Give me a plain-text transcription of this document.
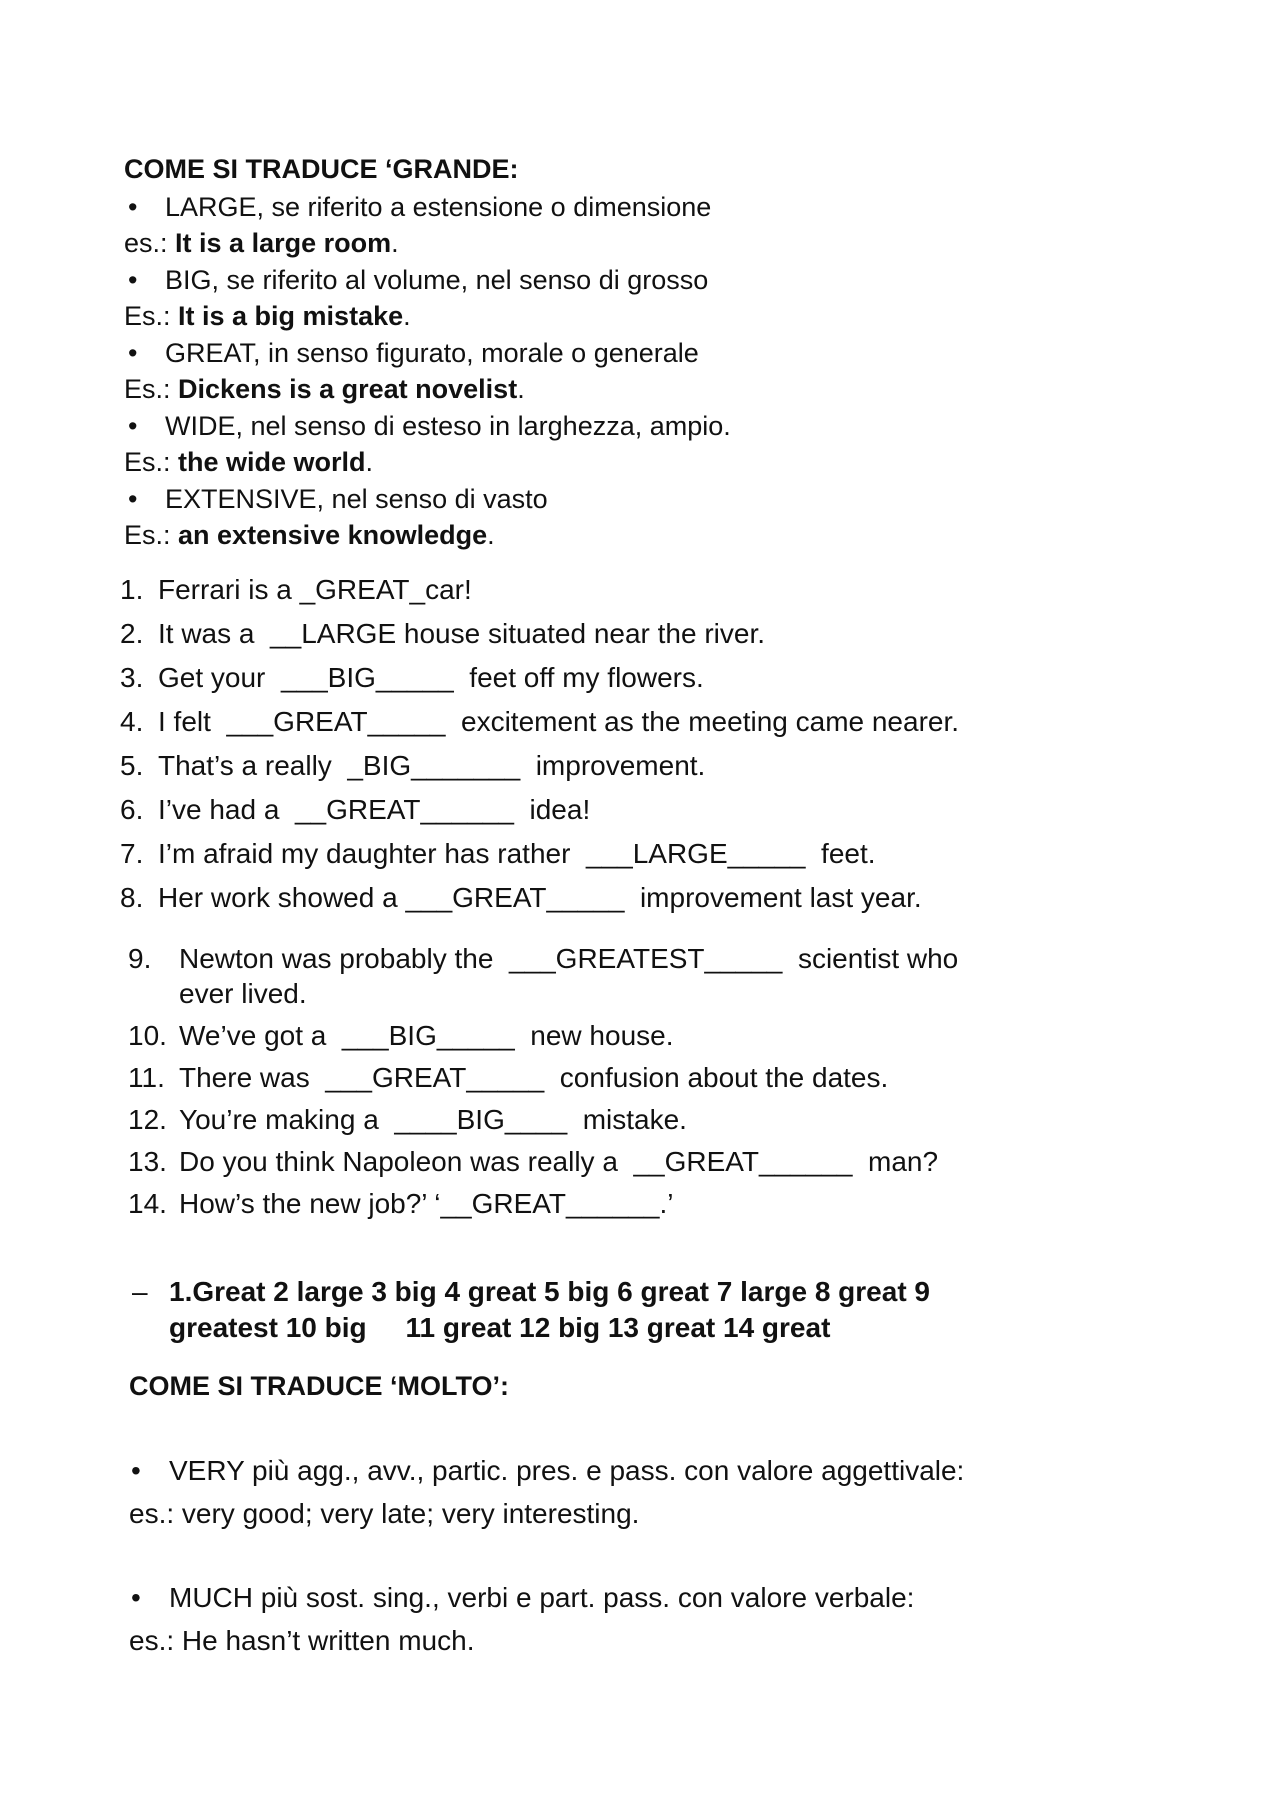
COME SI TRADUCE ‘GRANDE:
• LARGE, se riferito a estensione o dimensione
es.: It is a large room.
• BIG, se riferito al volume, nel senso di grosso
Es.: It is a big mistake.
• GREAT, in senso figurato, morale o generale
Es.: Dickens is a great novelist.
• WIDE, nel senso di esteso in larghezza, ampio.
Es.: the wide world.
• EXTENSIVE, nel senso di vasto
Es.: an extensive knowledge.
1. Ferrari is a _GREAT_car!
2. It was a  __LARGE house situated near the river.
3. Get your  ___BIG_____  feet off my flowers.
4. I felt  ___GREAT_____  excitement as the meeting came nearer.
5. That’s a really  _BIG_______  improvement.
6. I’ve had a  __GREAT______  idea!
7. I’m afraid my daughter has rather  ___LARGE_____  feet.
8. Her work showed a ___GREAT_____  improvement last year.
9. Newton was probably the  ___GREATEST_____  scientist who
ever lived.
10. We’ve got a  ___BIG_____  new house.
11. There was  ___GREAT_____  confusion about the dates.
12. You’re making a  ____BIG____  mistake.
13. Do you think Napoleon was really a  __GREAT______  man?
14. How’s the new job?’ ‘__GREAT______.’
– 1.Great 2 large 3 big 4 great 5 big 6 great 7 large 8 great 9
greatest 10 big     11 great 12 big 13 great 14 great
COME SI TRADUCE ‘MOLTO’:
• VERY più agg., avv., partic. pres. e pass. con valore aggettivale:
es.: very good; very late; very interesting.
• MUCH più sost. sing., verbi e part. pass. con valore verbale:
es.: He hasn’t written much.
